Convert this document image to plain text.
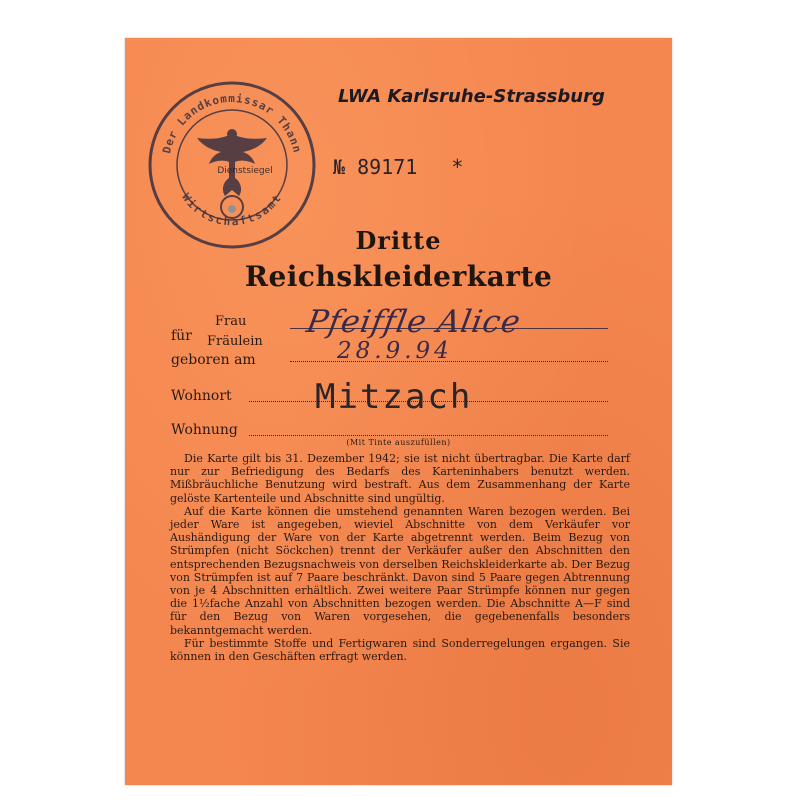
Der Landkommissar Thann
Wirtschaftsamt
Dienstsiegel
LWA Karlsruhe-Strassburg
№ 89171 *
Dritte
Reichskleiderkarte
für
Frau
Fräulein
Pfeiffle Alice
geboren am	28.9.94
Wohnort Mitzach
Wohnung
(Mit Tinte auszufüllen)

Die Karte gilt bis 31. Dezember 1942; sie ist nicht übertragbar. Die Karte darf nur zur Befriedigung des Bedarfs des Karteninhabers benutzt werden. Mißbräuchliche Benutzung wird bestraft. Aus dem Zusammenhang der Karte gelöste Kartenteile und Abschnitte sind ungültig.

Auf die Karte können die umstehend genannten Waren bezogen werden. Bei jeder Ware ist angegeben, wieviel Abschnitte von dem Verkäufer vor Aushändigung der Ware von der Karte abgetrennt werden. Beim Bezug von Strümpfen (nicht Söckchen) trennt der Verkäufer außer den Abschnitten den entsprechenden Bezugsnachweis von derselben Reichskleiderkarte ab. Der Bezug von Strümpfen ist auf 7 Paare beschränkt. Davon sind 5 Paare gegen Abtrennung von je 4 Abschnitten erhältlich. Zwei weitere Paar Strümpfe können nur gegen die 1½fache Anzahl von Abschnitten bezogen werden. Die Abschnitte A—F sind für den Bezug von Waren vorgesehen, die gegebenenfalls besonders bekanntgemacht werden.

Für bestimmte Stoffe und Fertigwaren sind Sonderregelungen ergangen. Sie können in den Geschäften erfragt werden.
